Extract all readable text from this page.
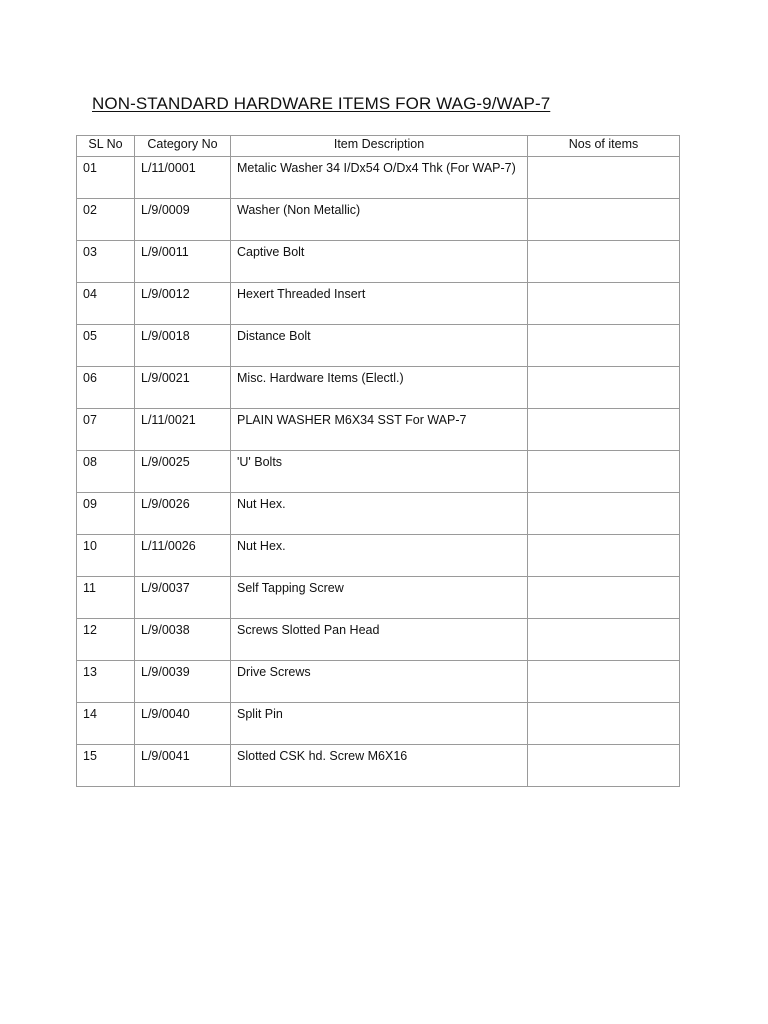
NON-STANDARD HARDWARE ITEMS FOR WAG-9/WAP-7
SL No	Category No	Item Description	Nos of items
01	L/11/0001	Metalic Washer 34 I/Dx54 O/Dx4 Thk (For WAP-7)	
02	L/9/0009	Washer (Non Metallic)	
03	L/9/0011	Captive Bolt	
04	L/9/0012	Hexert Threaded Insert	
05	L/9/0018	Distance Bolt	
06	L/9/0021	Misc. Hardware Items (Electl.)	
07	L/11/0021	PLAIN WASHER M6X34 SST For WAP-7	
08	L/9/0025	'U' Bolts	
09	L/9/0026	Nut Hex.	
10	L/11/0026	Nut Hex.	
11	L/9/0037	Self Tapping Screw	
12	L/9/0038	Screws Slotted Pan Head	
13	L/9/0039	Drive Screws	
14	L/9/0040	Split Pin	
15	L/9/0041	Slotted CSK hd. Screw M6X16	
